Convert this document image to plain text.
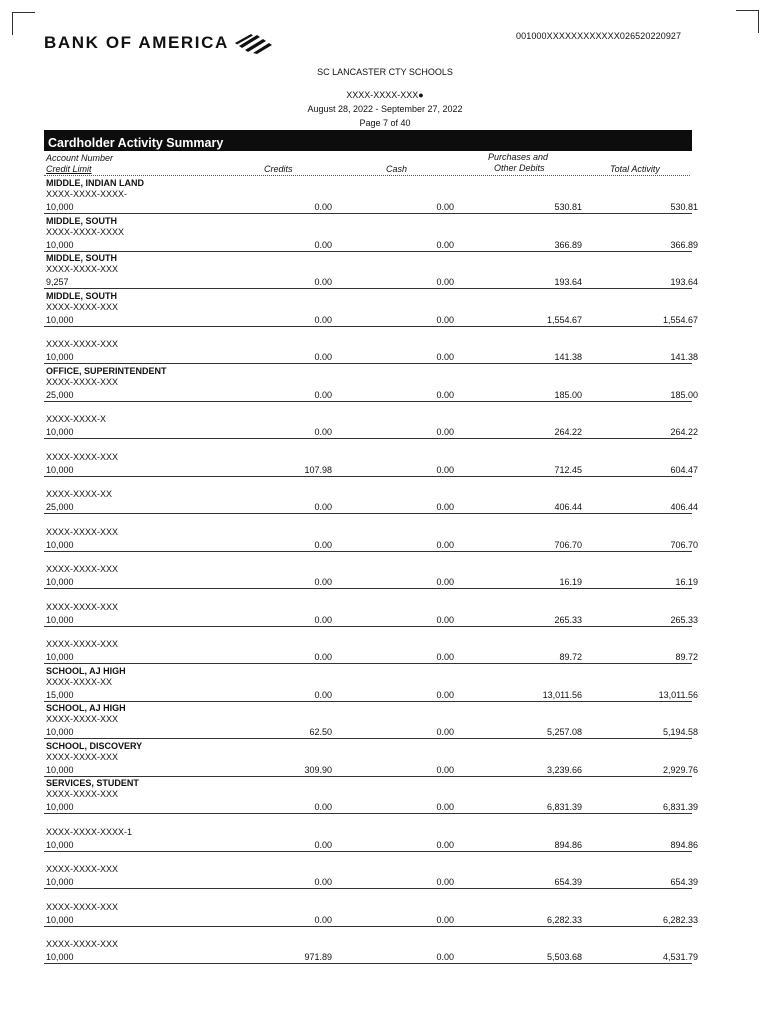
BANK OF AMERICA	001000XXXXXXXXXXXX026520220927
SC LANCASTER CTY SCHOOLS
XXXX-XXXX-XXX●
August 28, 2022 - September 27, 2022
Page 7 of 40
Cardholder Activity Summary
Account Number
Credit Limit	Credits	Cash
Purchases and
Other Debits	Total Activity
MIDDLE, INDIAN LAND
XXXX-XXXX-XXXX-
10,000	0.00	0.00	530.81	530.81
MIDDLE, SOUTH
XXXX-XXXX-XXXX
10,000	0.00	0.00	366.89	366.89
MIDDLE, SOUTH
XXXX-XXXX-XXX
9,257	0.00	0.00	193.64	193.64
MIDDLE, SOUTH
XXXX-XXXX-XXX
10,000	0.00	0.00	1,554.67	1,554.67
XXXX-XXXX-XXX
10,000	0.00	0.00	141.38	141.38
OFFICE, SUPERINTENDENT
XXXX-XXXX-XXX
25,000	0.00	0.00	185.00	185.00
XXXX-XXXX-X
10,000	0.00	0.00	264.22	264.22
XXXX-XXXX-XXX
10,000	107.98	0.00	712.45	604.47
XXXX-XXXX-XX
25,000	0.00	0.00	406.44	406.44
XXXX-XXXX-XXX
10,000	0.00	0.00	706.70	706.70
XXXX-XXXX-XXX
10,000	0.00	0.00	16.19	16.19
XXXX-XXXX-XXX
10,000	0.00	0.00	265.33	265.33
XXXX-XXXX-XXX
10,000	0.00	0.00	89.72	89.72
SCHOOL, AJ HIGH
XXXX-XXXX-XX
15,000	0.00	0.00	13,011.56	13,011.56
SCHOOL, AJ HIGH
XXXX-XXXX-XXX
10,000	62.50	0.00	5,257.08	5,194.58
SCHOOL, DISCOVERY
XXXX-XXXX-XXX
10,000	309.90	0.00	3,239.66	2,929.76
SERVICES, STUDENT
XXXX-XXXX-XXX
10,000	0.00	0.00	6,831.39	6,831.39
XXXX-XXXX-XXXX-1
10,000	0.00	0.00	894.86	894.86
XXXX-XXXX-XXX
10,000	0.00	0.00	654.39	654.39
XXXX-XXXX-XXX
10,000	0.00	0.00	6,282.33	6,282.33
XXXX-XXXX-XXX
10,000	971.89	0.00	5,503.68	4,531.79
